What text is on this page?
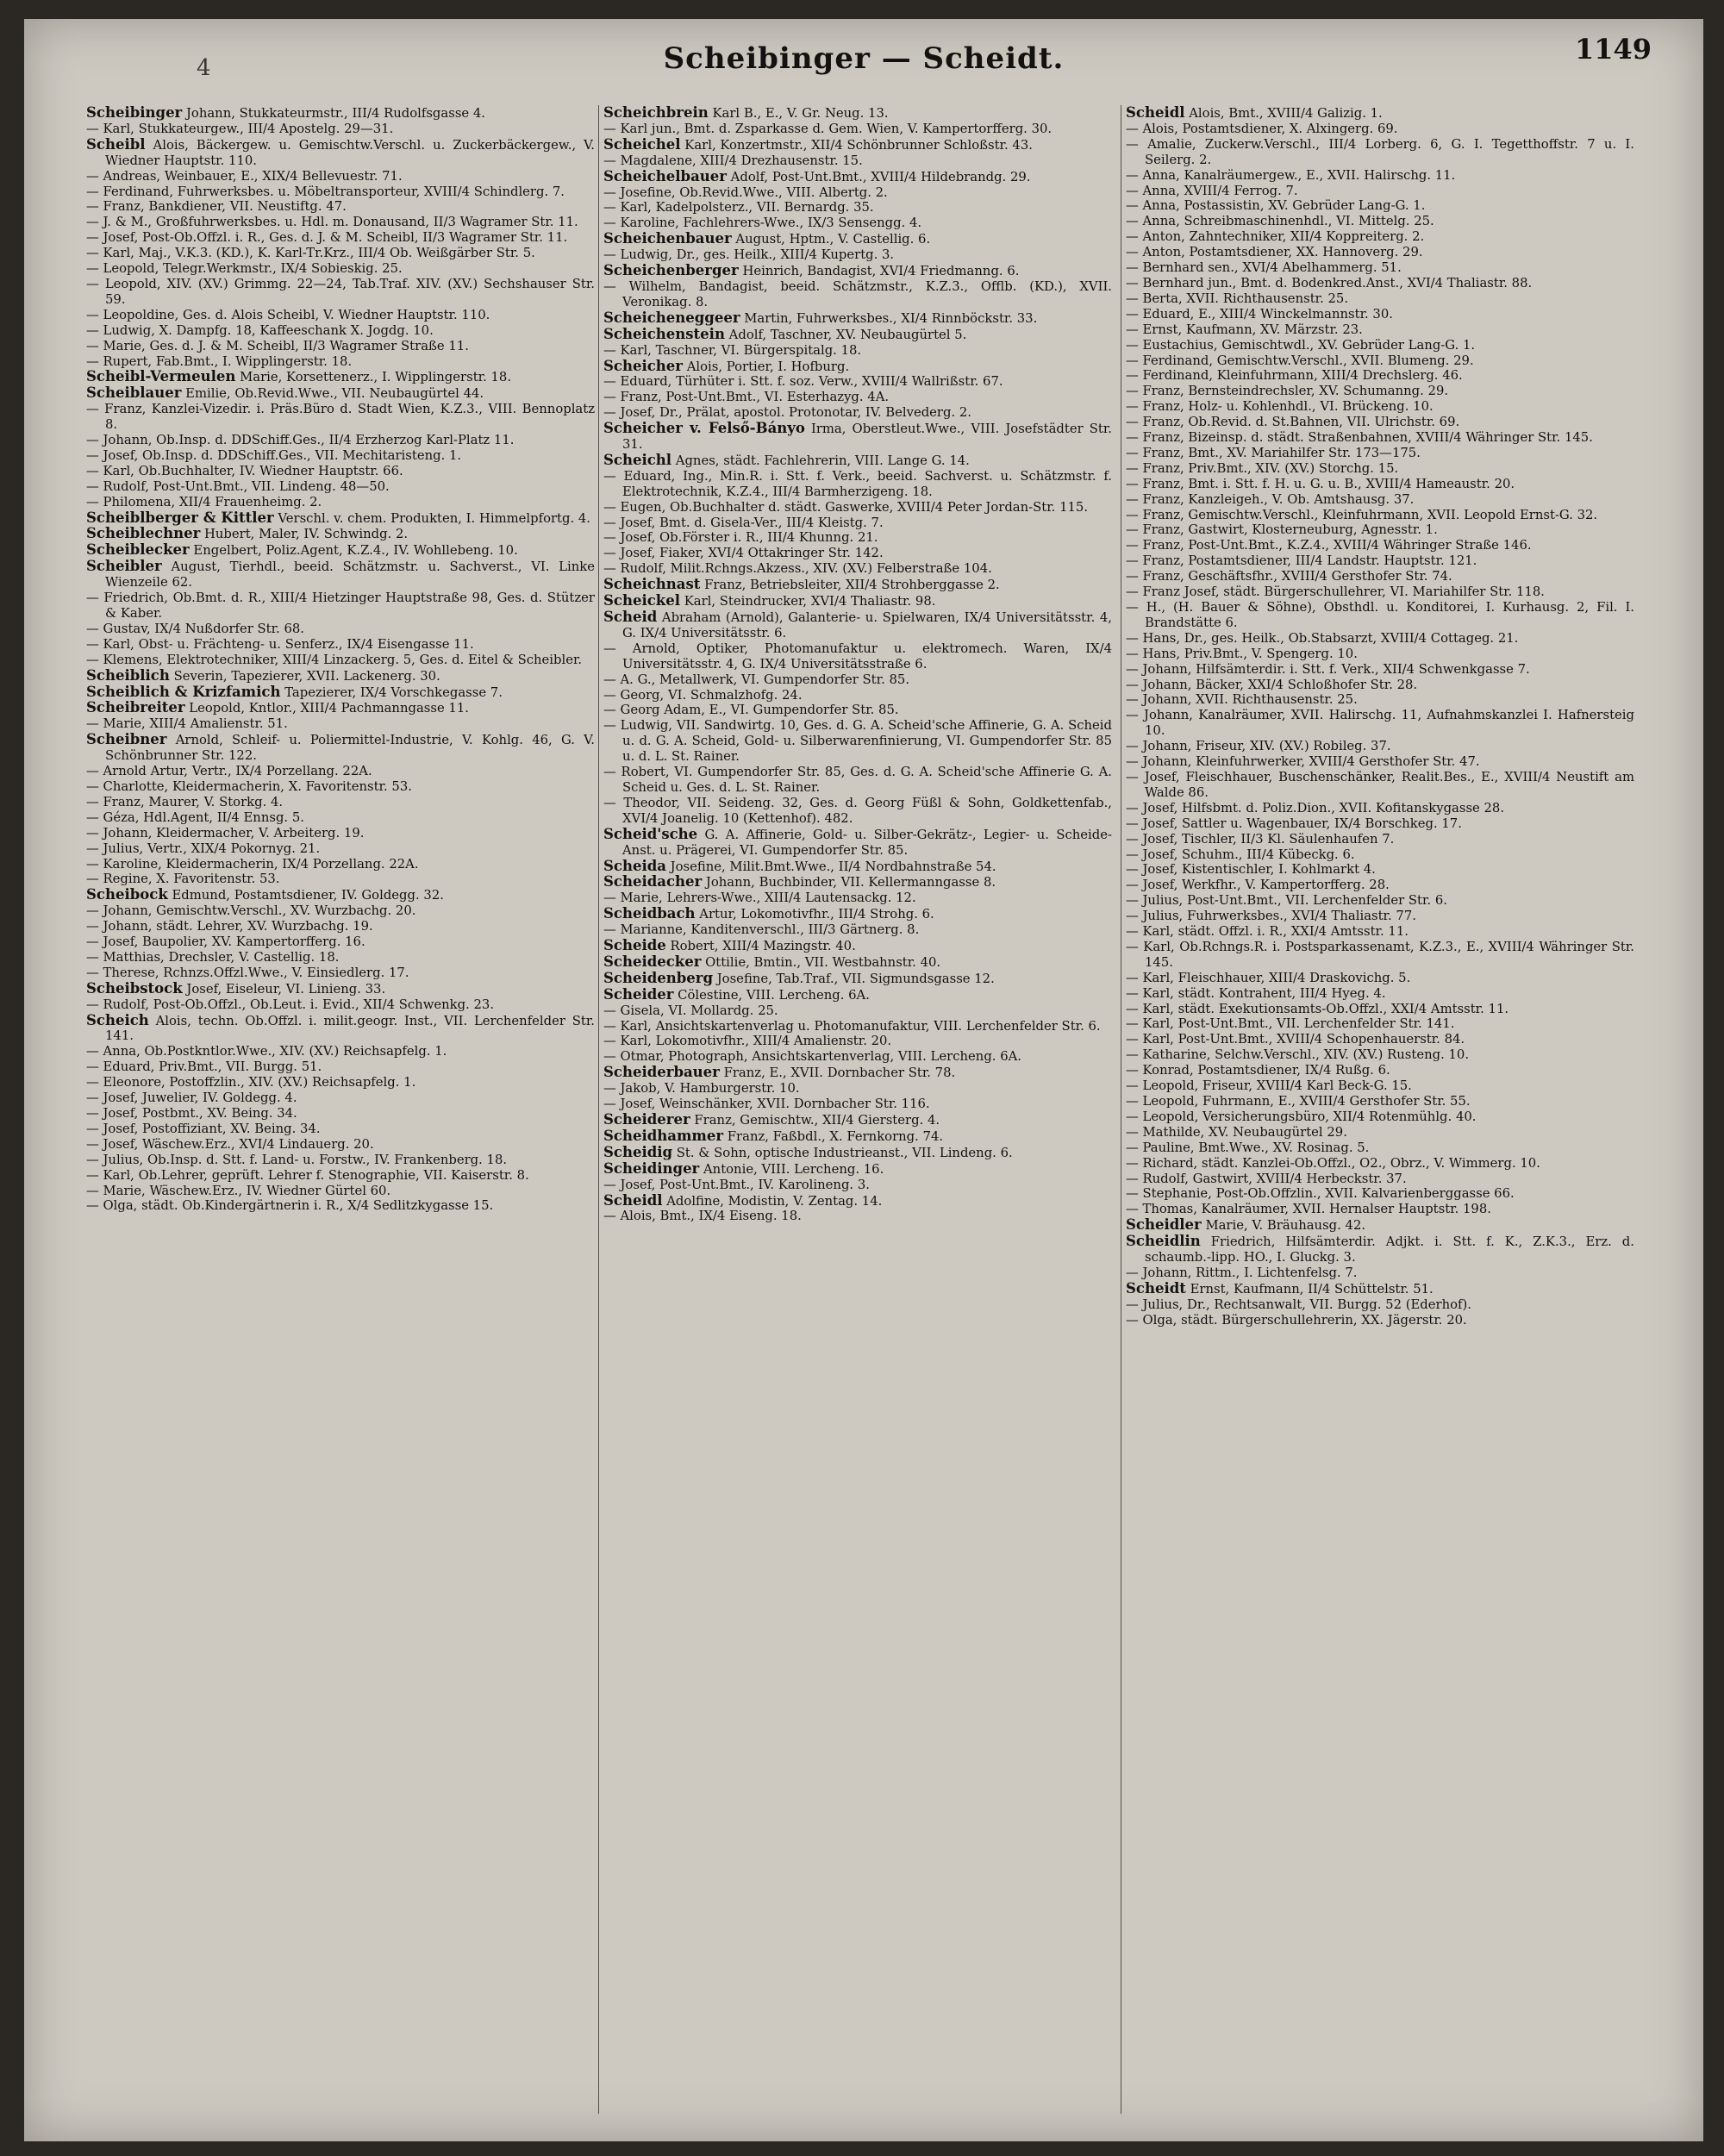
4	Scheibinger — Scheidt.	1149

Scheibinger Johann, Stukkateurmstr., III/4 Rudolfsgasse 4.

— Karl, Stukkateurgew., III/4 Apostelg. 29—31.

Scheibl Alois, Bäckergew. u. Gemischtw.Verschl. u. Zuckerbäckergew., V. Wiedner Hauptstr. 110.

— Andreas, Weinbauer, E., XIX/4 Bellevuestr. 71.

— Ferdinand, Fuhrwerksbes. u. Möbeltransporteur, XVIII/4 Schindlerg. 7.

— Franz, Bankdiener, VII. Neustiftg. 47.

— J. & M., Großfuhrwerksbes. u. Hdl. m. Donausand, II/3 Wagramer Str. 11.

— Josef, Post-Ob.Offzl. i. R., Ges. d. J. & M. Scheibl, II/3 Wagramer Str. 11.

— Karl, Maj., V.K.3. (KD.), K. Karl-Tr.Krz., III/4 Ob. Weißgärber Str. 5.

— Leopold, Telegr.Werkmstr., IX/4 Sobieskig. 25.

— Leopold, XIV. (XV.) Grimmg. 22—24, Tab.Traf. XIV. (XV.) Sechshauser Str. 59.

— Leopoldine, Ges. d. Alois Scheibl, V. Wiedner Hauptstr. 110.

— Ludwig, X. Dampfg. 18, Kaffeeschank X. Jogdg. 10.

— Marie, Ges. d. J. & M. Scheibl, II/3 Wagramer Straße 11.

— Rupert, Fab.Bmt., I. Wipplingerstr. 18.

Scheibl-Vermeulen Marie, Korsettenerz., I. Wipplingerstr. 18.

Scheiblauer Emilie, Ob.Revid.Wwe., VII. Neubaugürtel 44.

— Franz, Kanzlei-Vizedir. i. Präs.Büro d. Stadt Wien, K.Z.3., VIII. Bennoplatz 8.

— Johann, Ob.Insp. d. DDSchiff.Ges., II/4 Erzherzog Karl-Platz 11.

— Josef, Ob.Insp. d. DDSchiff.Ges., VII. Mechitaristeng. 1.

— Karl, Ob.Buchhalter, IV. Wiedner Hauptstr. 66.

— Rudolf, Post-Unt.Bmt., VII. Lindeng. 48—50.

— Philomena, XII/4 Frauenheimg. 2.

Scheiblberger & Kittler Verschl. v. chem. Produkten, I. Himmelpfortg. 4.

Scheiblechner Hubert, Maler, IV. Schwindg. 2.

Scheiblecker Engelbert, Poliz.Agent, K.Z.4., IV. Wohllebeng. 10.

Scheibler August, Tierhdl., beeid. Schätzmstr. u. Sachverst., VI. Linke Wienzeile 62.

— Friedrich, Ob.Bmt. d. R., XIII/4 Hietzinger Hauptstraße 98, Ges. d. Stützer & Kaber.

— Gustav, IX/4 Nußdorfer Str. 68.

— Karl, Obst- u. Frächteng- u. Senferz., IX/4 Eisengasse 11.

— Klemens, Elektrotechniker, XIII/4 Linzackerg. 5, Ges. d. Eitel & Scheibler.

Scheiblich Severin, Tapezierer, XVII. Lackenerg. 30.

Scheiblich & Krizfamich Tapezierer, IX/4 Vorschkegasse 7.

Scheibreiter Leopold, Kntlor., XIII/4 Pachmanngasse 11.

— Marie, XIII/4 Amalienstr. 51.

Scheibner Arnold, Schleif- u. Poliermittel-Industrie, V. Kohlg. 46, G. V. Schönbrunner Str. 122.

— Arnold Artur, Vertr., IX/4 Porzellang. 22A.

— Charlotte, Kleidermacherin, X. Favoritenstr. 53.

— Franz, Maurer, V. Storkg. 4.

— Géza, Hdl.Agent, II/4 Ennsg. 5.

— Johann, Kleidermacher, V. Arbeiterg. 19.

— Julius, Vertr., XIX/4 Pokornyg. 21.

— Karoline, Kleidermacherin, IX/4 Porzellang. 22A.

— Regine, X. Favoritenstr. 53.

Scheibock Edmund, Postamtsdiener, IV. Goldegg. 32.

— Johann, Gemischtw.Verschl., XV. Wurzbachg. 20.

— Johann, städt. Lehrer, XV. Wurzbachg. 19.

— Josef, Baupolier, XV. Kampertorfferg. 16.

— Matthias, Drechsler, V. Castellig. 18.

— Therese, Rchnzs.Offzl.Wwe., V. Einsiedlerg. 17.

Scheibstock Josef, Eiseleur, VI. Linieng. 33.

— Rudolf, Post-Ob.Offzl., Ob.Leut. i. Evid., XII/4 Schwenkg. 23.

Scheich Alois, techn. Ob.Offzl. i. milit.geogr. Inst., VII. Lerchenfelder Str. 141.

— Anna, Ob.Postkntlor.Wwe., XIV. (XV.) Reichsapfelg. 1.

— Eduard, Priv.Bmt., VII. Burgg. 51.

— Eleonore, Postoffzlin., XIV. (XV.) Reichsapfelg. 1.

— Josef, Juwelier, IV. Goldegg. 4.

— Josef, Postbmt., XV. Being. 34.

— Josef, Postoffiziant, XV. Being. 34.

— Josef, Wäschew.Erz., XVI/4 Lindauerg. 20.

— Julius, Ob.Insp. d. Stt. f. Land- u. Forstw., IV. Frankenberg. 18.

— Karl, Ob.Lehrer, geprüft. Lehrer f. Stenographie, VII. Kaiserstr. 8.

— Marie, Wäschew.Erz., IV. Wiedner Gürtel 60.

— Olga, städt. Ob.Kindergärtnerin i. R., X/4 Sedlitzkygasse 15.

Scheichbrein Karl B., E., V. Gr. Neug. 13.

— Karl jun., Bmt. d. Zsparkasse d. Gem. Wien, V. Kampertorfferg. 30.

Scheichel Karl, Konzertmstr., XII/4 Schönbrunner Schloßstr. 43.

— Magdalene, XIII/4 Drezhausenstr. 15.

Scheichelbauer Adolf, Post-Unt.Bmt., XVIII/4 Hildebrandg. 29.

— Josefine, Ob.Revid.Wwe., VIII. Albertg. 2.

— Karl, Kadelpolsterz., VII. Bernardg. 35.

— Karoline, Fachlehrers-Wwe., IX/3 Sensengg. 4.

Scheichenbauer August, Hptm., V. Castellig. 6.

— Ludwig, Dr., ges. Heilk., XIII/4 Kupertg. 3.

Scheichenberger Heinrich, Bandagist, XVI/4 Friedmanng. 6.

— Wilhelm, Bandagist, beeid. Schätzmstr., K.Z.3., Offlb. (KD.), XVII. Veronikag. 8.

Scheicheneggeer Martin, Fuhrwerksbes., XI/4 Rinnböckstr. 33.

Scheichenstein Adolf, Taschner, XV. Neubaugürtel 5.

— Karl, Taschner, VI. Bürgerspitalg. 18.

Scheicher Alois, Portier, I. Hofburg.

— Eduard, Türhüter i. Stt. f. soz. Verw., XVIII/4 Wallrißstr. 67.

— Franz, Post-Unt.Bmt., VI. Esterhazyg. 4A.

— Josef, Dr., Prälat, apostol. Protonotar, IV. Belvederg. 2.

Scheicher v. Felső-Bányo Irma, Oberstleut.Wwe., VIII. Josefstädter Str. 31.

Scheichl Agnes, städt. Fachlehrerin, VIII. Lange G. 14.

— Eduard, Ing., Min.R. i. Stt. f. Verk., beeid. Sachverst. u. Schätzmstr. f. Elektrotechnik, K.Z.4., III/4 Barmherzigeng. 18.

— Eugen, Ob.Buchhalter d. städt. Gaswerke, XVIII/4 Peter Jordan-Str. 115.

— Josef, Bmt. d. Gisela-Ver., III/4 Kleistg. 7.

— Josef, Ob.Förster i. R., III/4 Khunng. 21.

— Josef, Fiaker, XVI/4 Ottakringer Str. 142.

— Rudolf, Milit.Rchngs.Akzess., XIV. (XV.) Felberstraße 104.

Scheichnast Franz, Betriebsleiter, XII/4 Strohberggasse 2.

Scheickel Karl, Steindrucker, XVI/4 Thaliastr. 98.

Scheid Abraham (Arnold), Galanterie- u. Spielwaren, IX/4 Universitätsstr. 4, G. IX/4 Universitätsstr. 6.

— Arnold, Optiker, Photomanufaktur u. elektromech. Waren, IX/4 Universitätsstr. 4, G. IX/4 Universitätsstraße 6.

— A. G., Metallwerk, VI. Gumpendorfer Str. 85.

— Georg, VI. Schmalzhofg. 24.

— Georg Adam, E., VI. Gumpendorfer Str. 85.

— Ludwig, VII. Sandwirtg. 10, Ges. d. G. A. Scheid'sche Affinerie, G. A. Scheid u. d. G. A. Scheid, Gold- u. Silberwarenfinierung, VI. Gumpendorfer Str. 85 u. d. L. St. Rainer.

— Robert, VI. Gumpendorfer Str. 85, Ges. d. G. A. Scheid'sche Affinerie G. A. Scheid u. Ges. d. L. St. Rainer.

— Theodor, VII. Seideng. 32, Ges. d. Georg Füßl & Sohn, Goldkettenfab., XVI/4 Joanelig. 10 (Kettenhof). 482.

Scheid'sche G. A. Affinerie, Gold- u. Silber-Gekrätz-, Legier- u. Scheide-Anst. u. Prägerei, VI. Gumpendorfer Str. 85.

Scheida Josefine, Milit.Bmt.Wwe., II/4 Nordbahnstraße 54.

Scheidacher Johann, Buchbinder, VII. Kellermanngasse 8.

— Marie, Lehrers-Wwe., XIII/4 Lautensackg. 12.

Scheidbach Artur, Lokomotivfhr., III/4 Strohg. 6.

— Marianne, Kanditenverschl., III/3 Gärtnerg. 8.

Scheide Robert, XIII/4 Mazingstr. 40.

Scheidecker Ottilie, Bmtin., VII. Westbahnstr. 40.

Scheidenberg Josefine, Tab.Traf., VII. Sigmundsgasse 12.

Scheider Cölestine, VIII. Lercheng. 6A.

— Gisela, VI. Mollardg. 25.

— Karl, Ansichtskartenverlag u. Photomanufaktur, VIII. Lerchenfelder Str. 6.

— Karl, Lokomotivfhr., XIII/4 Amalienstr. 20.

— Otmar, Photograph, Ansichtskartenverlag, VIII. Lercheng. 6A.

Scheiderbauer Franz, E., XVII. Dornbacher Str. 78.

— Jakob, V. Hamburgerstr. 10.

— Josef, Weinschänker, XVII. Dornbacher Str. 116.

Scheiderer Franz, Gemischtw., XII/4 Giersterg. 4.

Scheidhammer Franz, Faßbdl., X. Fernkorng. 74.

Scheidig St. & Sohn, optische Industrieanst., VII. Lindeng. 6.

Scheidinger Antonie, VIII. Lercheng. 16.

— Josef, Post-Unt.Bmt., IV. Karolineng. 3.

Scheidl Adolfine, Modistin, V. Zentag. 14.

— Alois, Bmt., IX/4 Eiseng. 18.

Scheidl Alois, Bmt., XVIII/4 Galizig. 1.

— Alois, Postamtsdiener, X. Alxingerg. 69.

— Amalie, Zuckerw.Verschl., III/4 Lorberg. 6, G. I. Tegetthoffstr. 7 u. I. Seilerg. 2.

— Anna, Kanalräumergew., E., XVII. Halirschg. 11.

— Anna, XVIII/4 Ferrog. 7.

— Anna, Postassistin, XV. Gebrüder Lang-G. 1.

— Anna, Schreibmaschinenhdl., VI. Mittelg. 25.

— Anton, Zahntechniker, XII/4 Koppreiterg. 2.

— Anton, Postamtsdiener, XX. Hannoverg. 29.

— Bernhard sen., XVI/4 Abelhammerg. 51.

— Bernhard jun., Bmt. d. Bodenkred.Anst., XVI/4 Thaliastr. 88.

— Berta, XVII. Richthausenstr. 25.

— Eduard, E., XIII/4 Winckelmannstr. 30.

— Ernst, Kaufmann, XV. Märzstr. 23.

— Eustachius, Gemischtwdl., XV. Gebrüder Lang-G. 1.

— Ferdinand, Gemischtw.Verschl., XVII. Blumeng. 29.

— Ferdinand, Kleinfuhrmann, XIII/4 Drechslerg. 46.

— Franz, Bernsteindrechsler, XV. Schumanng. 29.

— Franz, Holz- u. Kohlenhdl., VI. Brückeng. 10.

— Franz, Ob.Revid. d. St.Bahnen, VII. Ulrichstr. 69.

— Franz, Bizeinsp. d. städt. Straßenbahnen, XVIII/4 Währinger Str. 145.

— Franz, Bmt., XV. Mariahilfer Str. 173—175.

— Franz, Priv.Bmt., XIV. (XV.) Storchg. 15.

— Franz, Bmt. i. Stt. f. H. u. G. u. B., XVIII/4 Hameaustr. 20.

— Franz, Kanzleigeh., V. Ob. Amtshausg. 37.

— Franz, Gemischtw.Verschl., Kleinfuhrmann, XVII. Leopold Ernst-G. 32.

— Franz, Gastwirt, Klosterneuburg, Agnesstr. 1.

— Franz, Post-Unt.Bmt., K.Z.4., XVIII/4 Währinger Straße 146.

— Franz, Postamtsdiener, III/4 Landstr. Hauptstr. 121.

— Franz, Geschäftsfhr., XVIII/4 Gersthofer Str. 74.

— Franz Josef, städt. Bürgerschullehrer, VI. Mariahilfer Str. 118.

— H., (H. Bauer & Söhne), Obsthdl. u. Konditorei, I. Kurhausg. 2, Fil. I. Brandstätte 6.

— Hans, Dr., ges. Heilk., Ob.Stabsarzt, XVIII/4 Cottageg. 21.

— Hans, Priv.Bmt., V. Spengerg. 10.

— Johann, Hilfsämterdir. i. Stt. f. Verk., XII/4 Schwenkgasse 7.

— Johann, Bäcker, XXI/4 Schloßhofer Str. 28.

— Johann, XVII. Richthausenstr. 25.

— Johann, Kanalräumer, XVII. Halirschg. 11, Aufnahmskanzlei I. Hafnersteig 10.

— Johann, Friseur, XIV. (XV.) Robileg. 37.

— Johann, Kleinfuhrwerker, XVIII/4 Gersthofer Str. 47.

— Josef, Fleischhauer, Buschenschänker, Realit.Bes., E., XVIII/4 Neustift am Walde 86.

— Josef, Hilfsbmt. d. Poliz.Dion., XVII. Kofitanskygasse 28.

— Josef, Sattler u. Wagenbauer, IX/4 Borschkeg. 17.

— Josef, Tischler, II/3 Kl. Säulenhaufen 7.

— Josef, Schuhm., III/4 Kübeckg. 6.

— Josef, Kistentischler, I. Kohlmarkt 4.

— Josef, Werkfhr., V. Kampertorfferg. 28.

— Julius, Post-Unt.Bmt., VII. Lerchenfelder Str. 6.

— Julius, Fuhrwerksbes., XVI/4 Thaliastr. 77.

— Karl, städt. Offzl. i. R., XXI/4 Amtsstr. 11.

— Karl, Ob.Rchngs.R. i. Postsparkassenamt, K.Z.3., E., XVIII/4 Währinger Str. 145.

— Karl, Fleischhauer, XIII/4 Draskovichg. 5.

— Karl, städt. Kontrahent, III/4 Hyeg. 4.

— Karl, städt. Exekutionsamts-Ob.Offzl., XXI/4 Amtsstr. 11.

— Karl, Post-Unt.Bmt., VII. Lerchenfelder Str. 141.

— Karl, Post-Unt.Bmt., XVIII/4 Schopenhauerstr. 84.

— Katharine, Selchw.Verschl., XIV. (XV.) Rusteng. 10.

— Konrad, Postamtsdiener, IX/4 Rußg. 6.

— Leopold, Friseur, XVIII/4 Karl Beck-G. 15.

— Leopold, Fuhrmann, E., XVIII/4 Gersthofer Str. 55.

— Leopold, Versicherungsbüro, XII/4 Rotenmühlg. 40.

— Mathilde, XV. Neubaugürtel 29.

— Pauline, Bmt.Wwe., XV. Rosinag. 5.

— Richard, städt. Kanzlei-Ob.Offzl., O2., Obrz., V. Wimmerg. 10.

— Rudolf, Gastwirt, XVIII/4 Herbeckstr. 37.

— Stephanie, Post-Ob.Offzlin., XVII. Kalvarienberggasse 66.

— Thomas, Kanalräumer, XVII. Hernalser Hauptstr. 198.

Scheidler Marie, V. Bräuhausg. 42.

Scheidlin Friedrich, Hilfsämterdir. Adjkt. i. Stt. f. K., Z.K.3., Erz. d. schaumb.-lipp. HO., I. Gluckg. 3.

— Johann, Rittm., I. Lichtenfelsg. 7.

Scheidt Ernst, Kaufmann, II/4 Schüttelstr. 51.

— Julius, Dr., Rechtsanwalt, VII. Burgg. 52 (Ederhof).

— Olga, städt. Bürgerschullehrerin, XX. Jägerstr. 20.
